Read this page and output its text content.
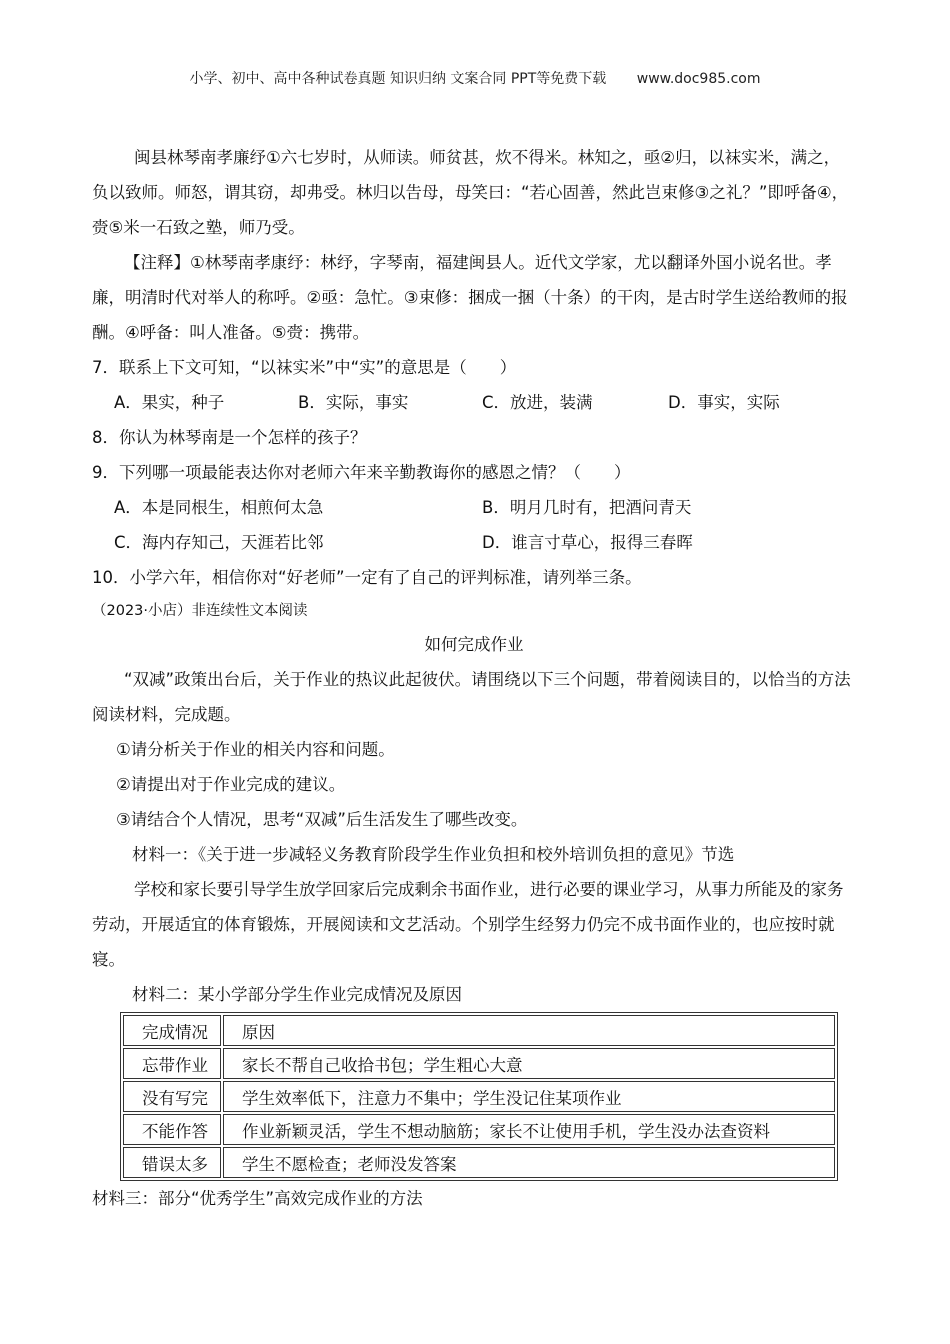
小学、初中、高中各种试卷真题 知识归纳 文案合同 PPT等免费下载 www.doc985.com

闽县林琴南孝廉纾①六七岁时，从师读。师贫甚，炊不得米。林知之，亟②归，以袜实米，满之，负以致师。师怒，谓其窃，却弗受。林归以告母，母笑曰：“若心固善，然此岂束修③之礼？”即呼备④，赍⑤米一石致之塾，师乃受。

【注释】①林琴南孝康纾：林纾，字琴南，福建闽县人。近代文学家，尤以翻译外国小说名世。孝廉，明清时代对举人的称呼。②亟：急忙。③束修：捆成一捆（十条）的干肉，是古时学生送给教师的报酬。④呼备：叫人准备。⑤赍：携带。

7．联系上下文可知，“以袜实米”中“实”的意思是（　　）
A．果实，种子	B．实际，事实	C．放进，装满	D．事实，实际
8．你认为林琴南是一个怎样的孩子？
9．下列哪一项最能表达你对老师六年来辛勤教诲你的感恩之情？（　　）
A．本是同根生，相煎何太急	B．明月几时有，把酒问青天
C．海内存知己，天涯若比邻	D．谁言寸草心，报得三春晖
10．小学六年，相信你对“好老师”一定有了自己的评判标准，请列举三条。

（2023·小店）非连续性文本阅读

如何完成作业

“双减”政策出台后，关于作业的热议此起彼伏。请围绕以下三个问题，带着阅读目的，以恰当的方法阅读材料，完成题。

①请分析关于作业的相关内容和问题。

②请提出对于作业完成的建议。

③请结合个人情况，思考“双减”后生活发生了哪些改变。

材料一：《关于进一步减轻义务教育阶段学生作业负担和校外培训负担的意见》节选

学校和家长要引导学生放学回家后完成剩余书面作业，进行必要的课业学习，从事力所能及的家务劳动，开展适宜的体育锻炼，开展阅读和文艺活动。个别学生经努力仍完不成书面作业的，也应按时就寝。

材料二：某小学部分学生作业完成情况及原因

完成情况	原因
忘带作业	家长不帮自己收拾书包；学生粗心大意
没有写完	学生效率低下，注意力不集中；学生没记住某项作业
不能作答	作业新颖灵活，学生不想动脑筋；家长不让使用手机，学生没办法查资料
错误太多	学生不愿检查；老师没发答案

材料三：部分“优秀学生”高效完成作业的方法
